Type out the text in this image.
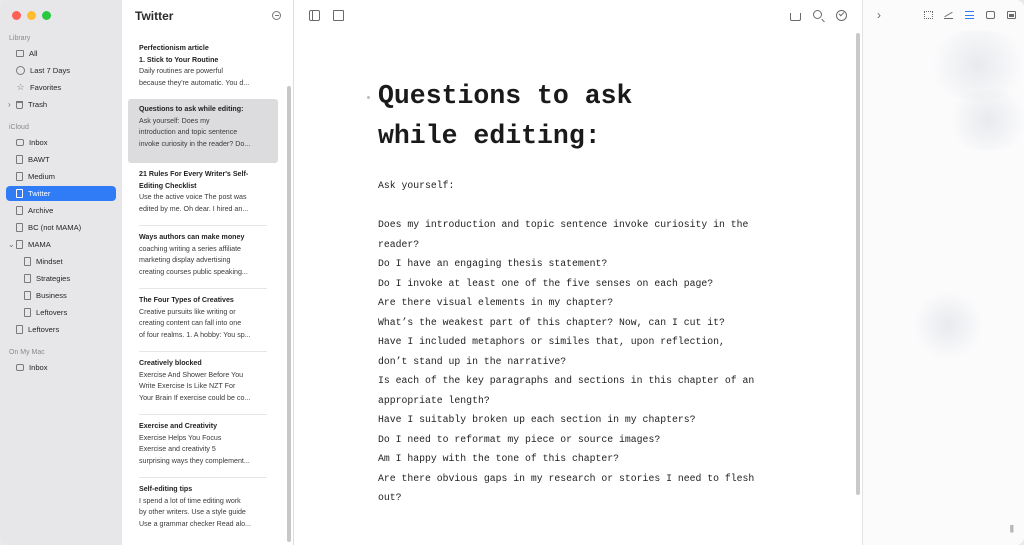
Library
All
Last 7 Days
☆ Favorites
› Trash
iCloud
Inbox
BAWT
Medium
Twitter
Archive
BC (not MAMA)
⌄ MAMA
Mindset
Strategies
Business
Leftovers
Leftovers
On My Mac
Inbox
Twitter
Perfectionism article
1. Stick to Your Routine
Daily routines are powerful
because they're automatic. You d...
Questions to ask while editing:
Ask yourself: Does my
introduction and topic sentence
invoke curiosity in the reader? Do...
21 Rules For Every Writer's Self-
Editing Checklist
Use the active voice The post was
edited by me. Oh dear. I hired an...
Ways authors can make money
coaching writing a series affiliate
marketing display advertising
creating courses public speaking...
The Four Types of Creatives
Creative pursuits like writing or
creating content can fall into one
of four realms. 1. A hobby: You sp...
Creatively blocked
Exercise And Shower Before You
Write Exercise Is Like NZT For
Your Brain If exercise could be co...
Exercise and Creativity
Exercise Helps You Focus
Exercise and creativity 5
surprising ways they complement...
Self-editing tips
I spend a lot of time editing work
by other writers. Use a style guide
Use a grammar checker Read alo...
Questions to ask
while editing:
Ask yourself:

Does my introduction and topic sentence invoke curiosity in the
reader?
Do I have an engaging thesis statement?
Do I invoke at least one of the five senses on each page?
Are there visual elements in my chapter?
What’s the weakest part of this chapter? Now, can I cut it?
Have I included metaphors or similes that, upon reflection,
don’t stand up in the narrative?
Is each of the key paragraphs and sections in this chapter of an
appropriate length?
Have I suitably broken up each section in my chapters?
Do I need to reformat my piece or source images?
Am I happy with the tone of this chapter?
Are there obvious gaps in my research or stories I need to flesh
out?
›
|||
